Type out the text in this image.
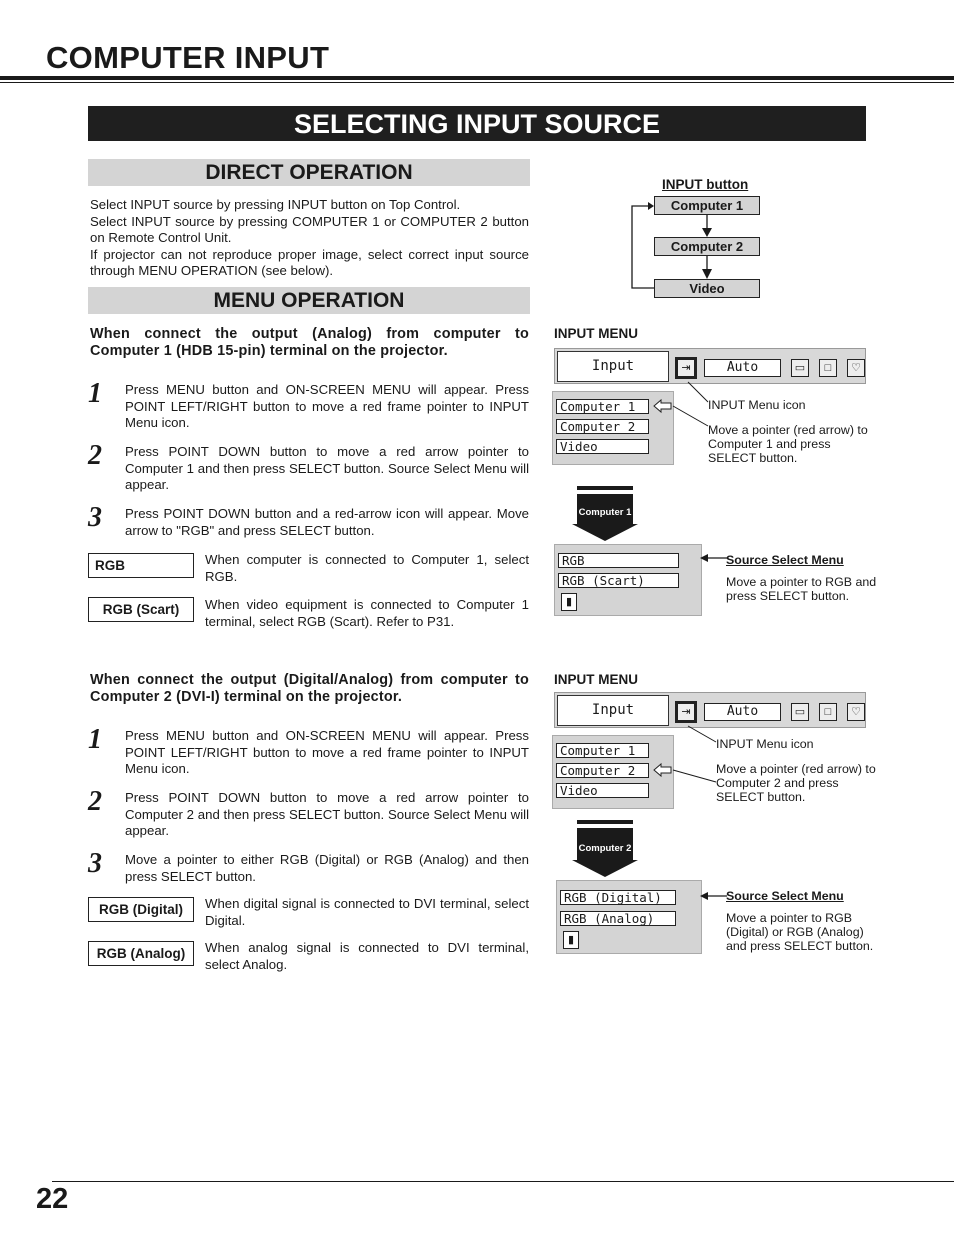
COMPUTER INPUT
SELECTING INPUT SOURCE
DIRECT OPERATION
Select INPUT source by pressing INPUT button on Top Control.
Select INPUT source by pressing COMPUTER 1 or COMPUTER 2 button on Remote Control Unit.
If projector can not reproduce proper image, select correct input source through MENU OPERATION (see below).
INPUT button
Computer 1
Computer 2
Video
MENU OPERATION
When connect the output (Analog) from computer to Computer 1 (HDB 15-pin) terminal on the projector.
1 Press MENU button and ON-SCREEN MENU will appear. Press POINT LEFT/RIGHT button to move a red frame pointer to INPUT Menu icon.
2 Press POINT DOWN button to move a red arrow pointer to Computer 1 and then press SELECT button. Source Select Menu will appear.
3 Press POINT DOWN button and a red-arrow icon will appear. Move arrow to "RGB" and press SELECT button.
RGB	When computer is connected to Computer 1, select RGB.
RGB (Scart)	When video equipment is connected to Computer 1 terminal, select RGB (Scart). Refer to P31.
INPUT MENU
Input	⇥	Auto	▭	□	♡
Computer 1
Computer 2
Video
INPUT Menu icon
Move a pointer (red arrow) to Computer 1 and press SELECT button.
Computer 1
RGB
RGB (Scart)
▮
Source Select Menu
Move a pointer to RGB and press SELECT button.
When connect the output (Digital/Analog) from computer to Computer 2 (DVI-I) terminal on the projector.
1 Press MENU button and ON-SCREEN MENU will appear. Press POINT LEFT/RIGHT button to move a red frame pointer to INPUT Menu icon.
2 Press POINT DOWN button to move a red arrow pointer to Computer 2 and then press SELECT button. Source Select Menu will appear.
3 Move a pointer to either RGB (Digital) or RGB (Analog) and then press SELECT button.
RGB (Digital)	When digital signal is connected to DVI terminal, select Digital.
RGB (Analog)	When analog signal is connected to DVI terminal, select Analog.
INPUT MENU
Input	⇥	Auto	▭	□	♡
Computer 1
Computer 2
Video
INPUT Menu icon
Move a pointer (red arrow) to Computer 2 and press SELECT button.
Computer 2
RGB (Digital)
RGB (Analog)
▮
Source Select Menu
Move a pointer to RGB (Digital) or RGB (Analog) and press SELECT button.
22
